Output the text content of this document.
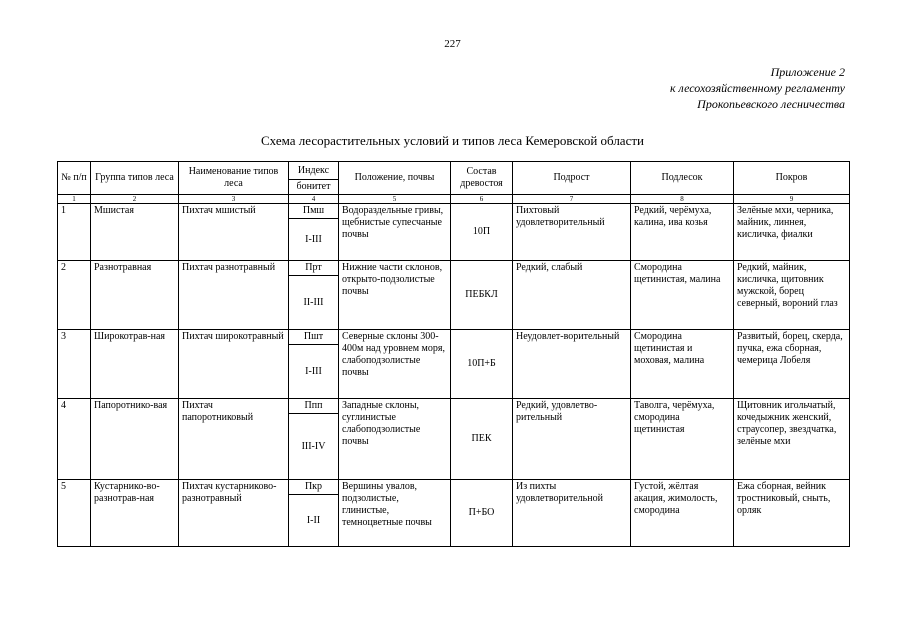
227
Приложение 2
к лесохозяйственному регламенту
Прокопьевского лесничества
Схема лесорастительных условий и типов леса Кемеровской области
№ п/п	Группа типов леса	Наименование типов леса	Индекс	Положение, почвы	Состав древостоя	Подрост	Подлесок	Покров
			бонитет					
1	2	3	4	5	6	7	8	9
1	Мшистая	Пихтач мшистый	Пмш	Водораздельные гривы, щебнистые супесчаные почвы	10П	Пихтовый удовлетворительный	Редкий, черёмуха, калина, ива козья	Зелёные мхи, черника, майник, линнея, кисличка, фиалки
			I-III					
2	Разнотравная	Пихтач разнотравный	Прт	Нижние части склонов, открыто-подзолистые почвы	ПЕБКЛ	Редкий, слабый	Смородина щетинистая, малина	Редкий, майник, кисличка, щитовник мужской, борец северный, вороний глаз
			II-III					
3	Широкотрав-ная	Пихтач широкотравный	Пшт	Северные склоны 300-400м над уровнем моря, слабоподзолистые почвы	10П+Б	Неудовлет-ворительный	Смородина щетинистая и моховая, малина	Развитый, борец, скерда, пучка, ежа сборная, чемерица Лобеля
			I-III					
4	Папоротнико-вая	Пихтач папоротниковый	Ппп	Западные склоны, суглинистые слабоподзолистые почвы	ПЕК	Редкий, удовлетво-рительный	Таволга, черёмуха, смородина щетинистая	Щитовник игольчатый, кочедыжник женский, страусопер, звездчатка, зелёные мхи
			III-IV					
5	Кустарнико-во-разнотрав-ная	Пихтач кустарниково-разнотравный	Пкр	Вершины увалов, подзолистые, глинистые, темноцветные почвы	П+БО	Из пихты удовлетворительной	Густой, жёлтая акация, жимолость, смородина	Ежа сборная, вейник тростниковый, сныть, орляк
			I-II					
